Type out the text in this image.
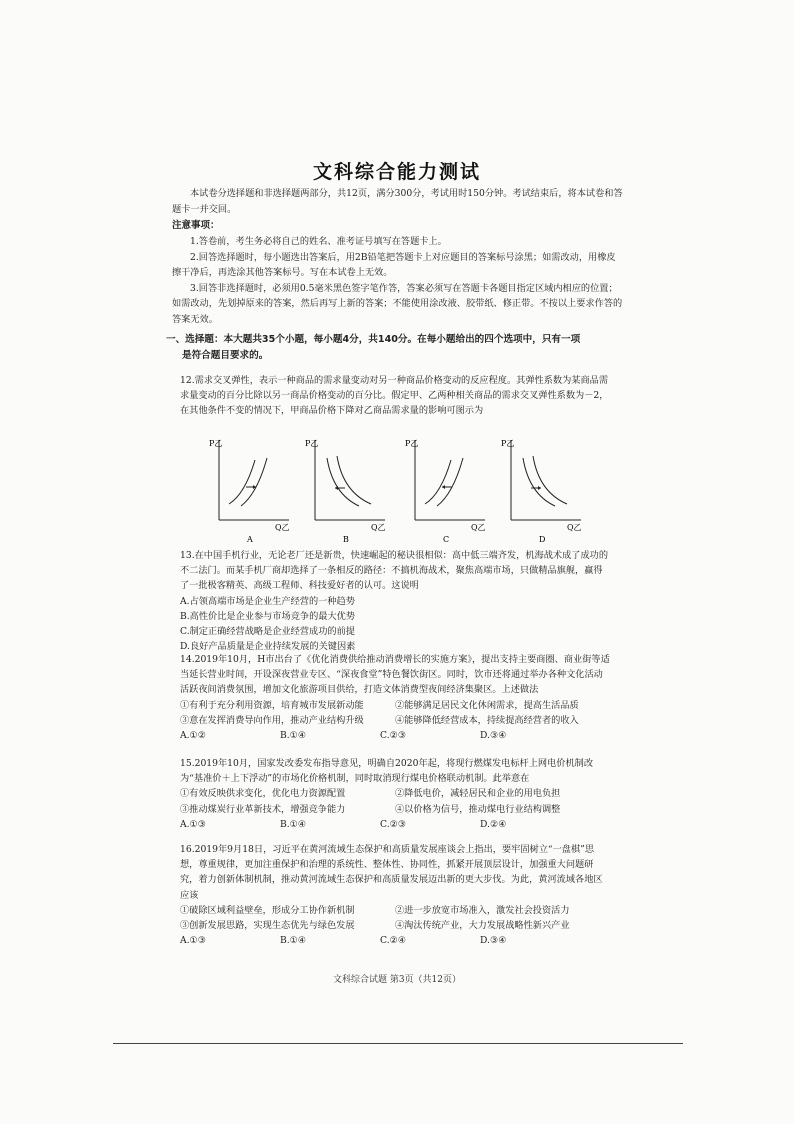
文科综合能力测试
本试卷分选择题和非选择题两部分，共12页，满分300分，考试用时150分钟。考试结束后，将本试卷和答题卡一并交回。
注意事项：

1.答卷前，考生务必将自己的姓名、准考证号填写在答题卡上。

2.回答选择题时，每小题选出答案后，用2B铅笔把答题卡上对应题目的答案标号涂黑；如需改动，用橡皮擦干净后，再选涂其他答案标号。写在本试卷上无效。

3.回答非选择题时，必须用0.5毫米黑色签字笔作答，答案必须写在答题卡各题目指定区域内相应的位置；如需改动，先划掉原来的答案，然后再写上新的答案；不能使用涂改液、胶带纸、修正带。不按以上要求作答的答案无效。

一、选择题：本大题共35个小题，每小题4分，共140分。在每小题给出的四个选项中，只有一项
是符合题目要求的。

12.需求交叉弹性，表示一种商品的需求量变动对另一种商品价格变动的反应程度。其弹性系数为某商品需求量变动的百分比除以另一商品价格变动的百分比。假定甲、乙两种相关商品的需求交叉弹性系数为－2，在其他条件不变的情况下，甲商品价格下降对乙商品需求量的影响可图示为

P乙
Q乙
A
P乙
Q乙
B
P乙
Q乙
C
P乙
Q乙
D

13.在中国手机行业，无论老厂还是新贵，快速崛起的秘诀很相似：高中低三端齐发，机海战术成了成功的不二法门。而某手机厂商却选择了一条相反的路径：不搞机海战术，聚焦高端市场，只做精品旗舰，赢得了一批极客精英、高级工程师、科技爱好者的认可。这说明

A.占领高端市场是企业生产经营的一种趋势

B.高性价比是企业参与市场竞争的最大优势

C.制定正确经营战略是企业经营成功的前提

D.良好产品质量是企业持续发展的关键因素

14.2019年10月，H市出台了《优化消费供给推动消费增长的实施方案》，提出支持主要商圈、商业街等适当延长营业时间，开设深夜营业专区、“深夜食堂”特色餐饮街区。同时，饮市还将通过举办各种文化活动活跃夜间消费氛围，增加文化旅游项目供给，打造文体消费型夜间经济集聚区。上述做法

①有利于充分利用资源，培育城市发展新动能	②能够满足居民文化休闲需求，提高生活品质
③意在发挥消费导向作用，推动产业结构升级	④能够降低经营成本，持续提高经营者的收入
A.①②	B.①④	C.②③	D.③④

15.2019年10月，国家发改委发布指导意见，明确自2020年起，将现行燃煤发电标杆上网电价机制改为“基准价＋上下浮动”的市场化价格机制，同时取消现行煤电价格联动机制。此举意在

①有效反映供求变化，优化电力资源配置	②降低电价，减轻居民和企业的用电负担
③推动煤炭行业革新技术，增强竞争能力	④以价格为信号，推动煤电行业结构调整
A.①③	B.①④	C.②③	D.②④

16.2019年9月18日，习近平在黄河流域生态保护和高质量发展座谈会上指出，要牢固树立“一盘棋”思想，尊重规律，更加注重保护和治理的系统性、整体性、协同性，抓紧开展顶层设计，加强重大问题研究，着力创新体制机制，推动黄河流域生态保护和高质量发展迈出新的更大步伐。为此，黄河流域各地区应该

①破除区域利益壁垒，形成分工协作新机制	②进一步放宽市场准入，激发社会投资活力
③创新发展思路，实现生态优先与绿色发展	④淘汰传统产业，大力发展战略性新兴产业
A.①③	B.①④	C.②④	D.③④
文科综合试题 第3页（共12页）
